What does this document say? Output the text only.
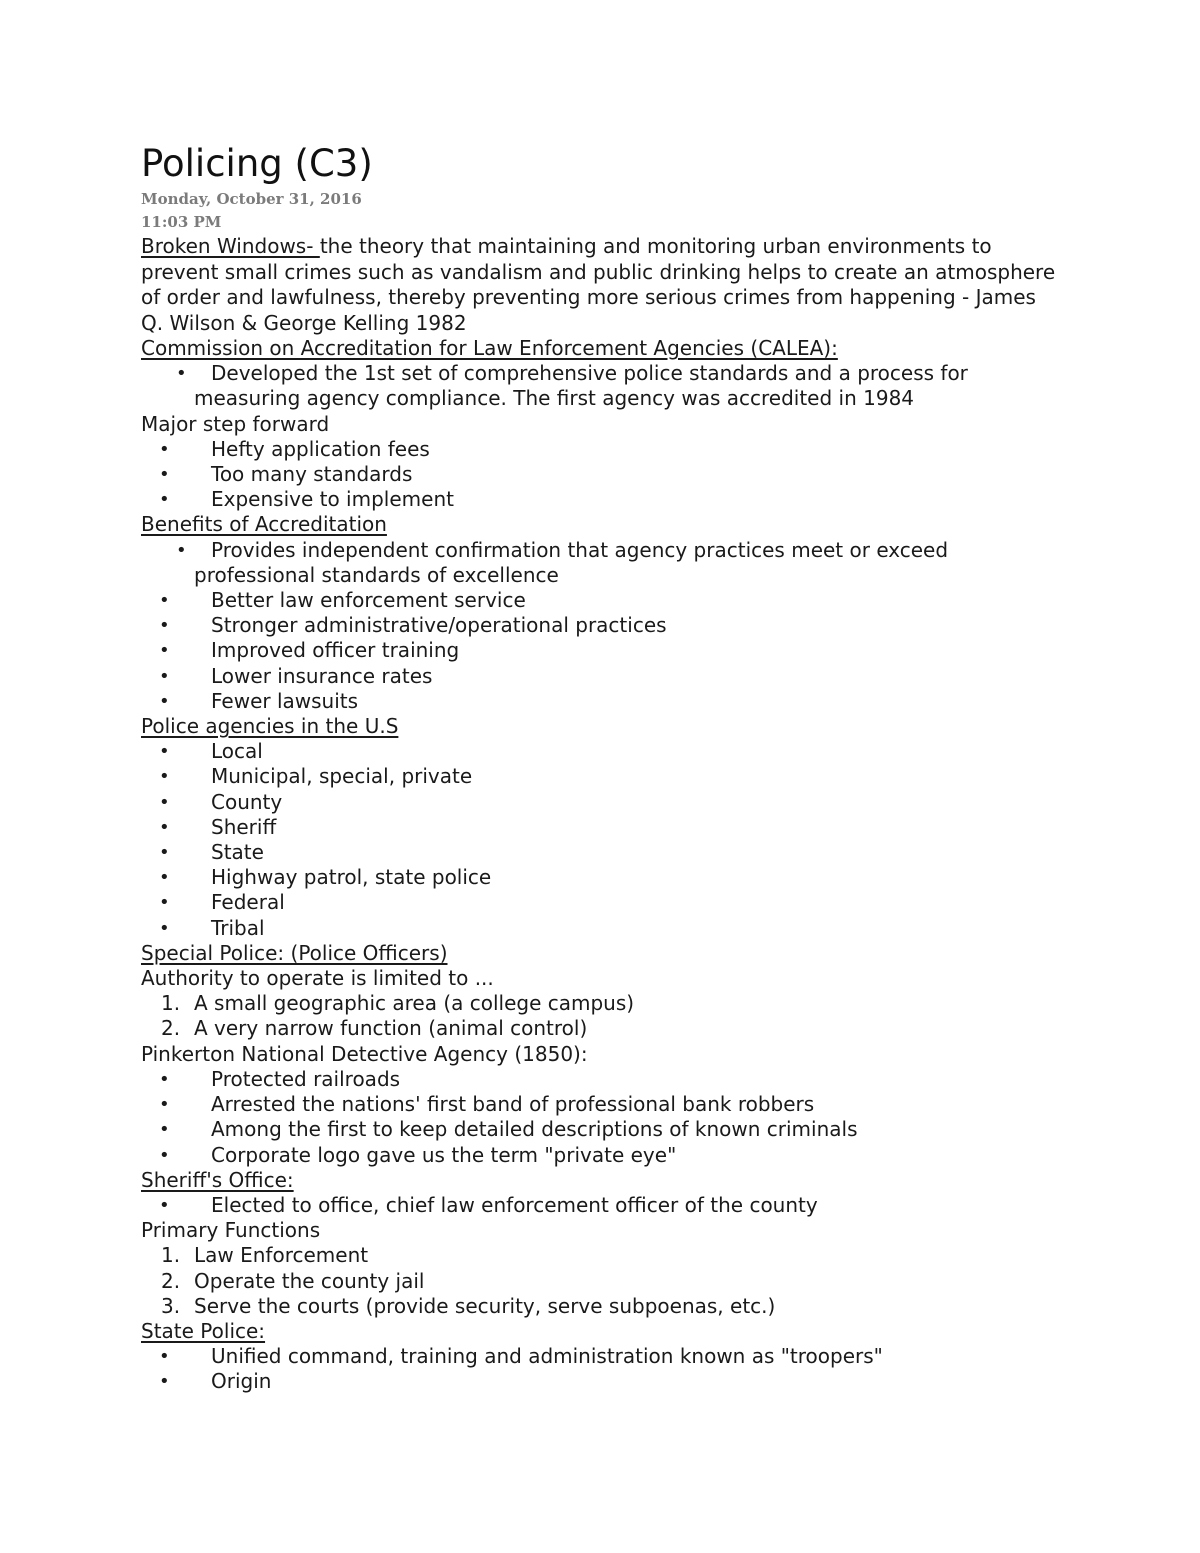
Policing (C3)
Monday, October 31, 2016
11:03 PM
Broken Windows- the theory that maintaining and monitoring urban environments to prevent small crimes such as vandalism and public drinking helps to create an atmosphere of order and lawfulness, thereby preventing more serious crimes from happening - James Q. Wilson & George Kelling 1982
Commission on Accreditation for Law Enforcement Agencies (CALEA):
• Developed the 1st set of comprehensive police standards and a process for measuring agency compliance. The first agency was accredited in 1984
Major step forward
•	Hefty application fees
•	Too many standards
•	Expensive to implement
Benefits of Accreditation
• Provides independent confirmation that agency practices meet or exceed professional standards of excellence
•	Better law enforcement service
•	Stronger administrative/operational practices
•	Improved officer training
•	Lower insurance rates
•	Fewer lawsuits
Police agencies in the U.S
•	Local
•	Municipal, special, private
•	County
•	Sheriff
•	State
•	Highway patrol, state police
•	Federal
•	Tribal
Special Police: (Police Officers)
Authority to operate is limited to ...
1. A small geographic area (a college campus)
2. A very narrow function (animal control)
Pinkerton National Detective Agency (1850):
•	Protected railroads
•	Arrested the nations' first band of professional bank robbers
•	Among the first to keep detailed descriptions of known criminals
•	Corporate logo gave us the term "private eye"
Sheriff's Office:
•	Elected to office, chief law enforcement officer of the county
Primary Functions
1. Law Enforcement
2. Operate the county jail
3. Serve the courts (provide security, serve subpoenas, etc.)
State Police:
•	Unified command, training and administration known as "troopers"
•	Origin
